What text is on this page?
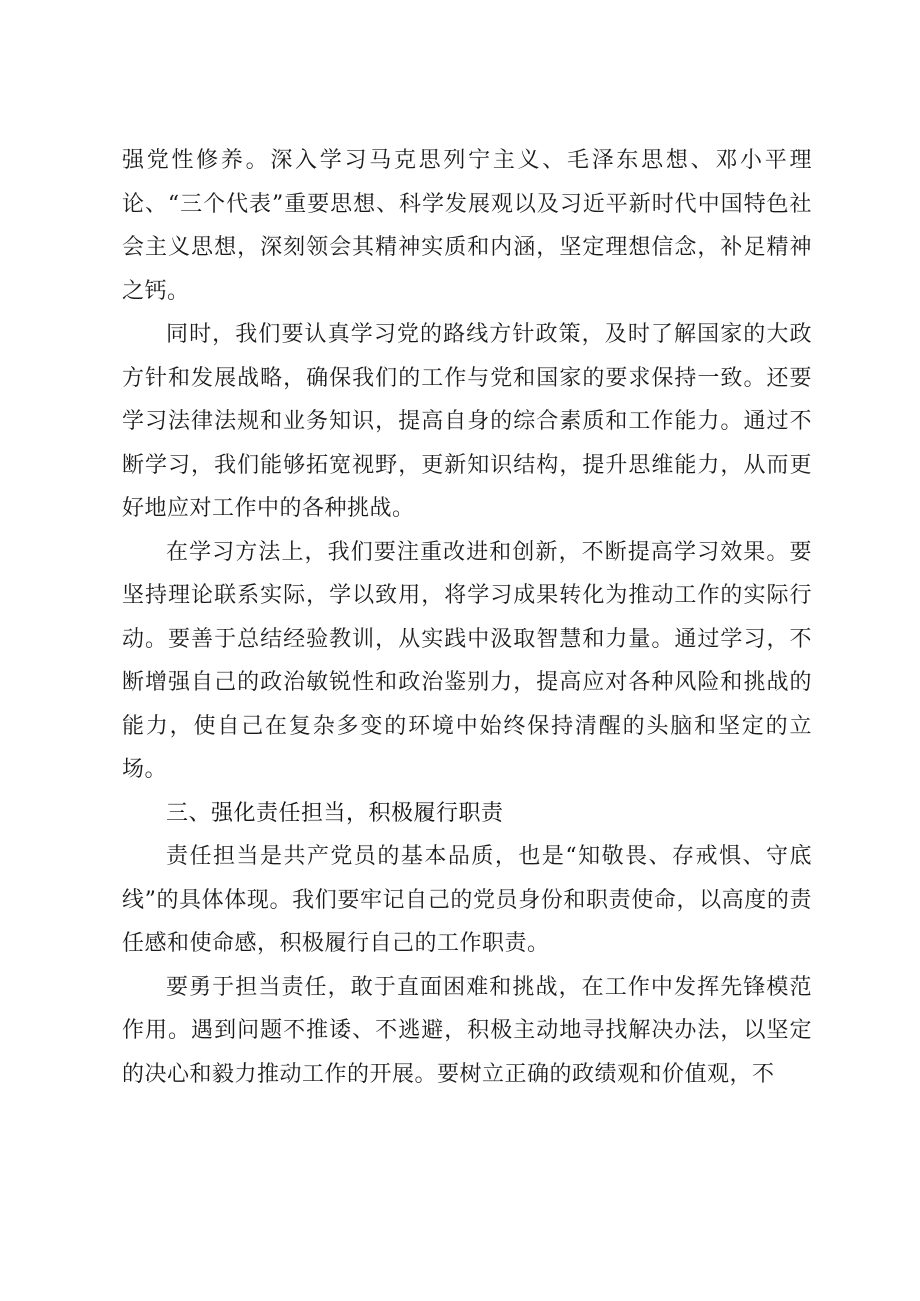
强党性修养。深入学习马克思列宁主义、毛泽东思想、邓小平理论、“三个代表”重要思想、科学发展观以及习近平新时代中国特色社会主义思想，深刻领会其精神实质和内涵，坚定理想信念，补足精神之钙。

同时，我们要认真学习党的路线方针政策，及时了解国家的大政方针和发展战略，确保我们的工作与党和国家的要求保持一致。还要学习法律法规和业务知识，提高自身的综合素质和工作能力。通过不断学习，我们能够拓宽视野，更新知识结构，提升思维能力，从而更好地应对工作中的各种挑战。

在学习方法上，我们要注重改进和创新，不断提高学习效果。要坚持理论联系实际，学以致用，将学习成果转化为推动工作的实际行动。要善于总结经验教训，从实践中汲取智慧和力量。通过学习，不断增强自己的政治敏锐性和政治鉴别力，提高应对各种风险和挑战的能力，使自己在复杂多变的环境中始终保持清醒的头脑和坚定的立场。

三、强化责任担当，积极履行职责

责任担当是共产党员的基本品质，也是“知敬畏、存戒惧、守底线”的具体体现。我们要牢记自己的党员身份和职责使命，以高度的责任感和使命感，积极履行自己的工作职责。

要勇于担当责任，敢于直面困难和挑战，在工作中发挥先锋模范作用。遇到问题不推诿、不逃避，积极主动地寻找解决办法，以坚定的决心和毅力推动工作的开展。要树立正确的政绩观和价值观，不
